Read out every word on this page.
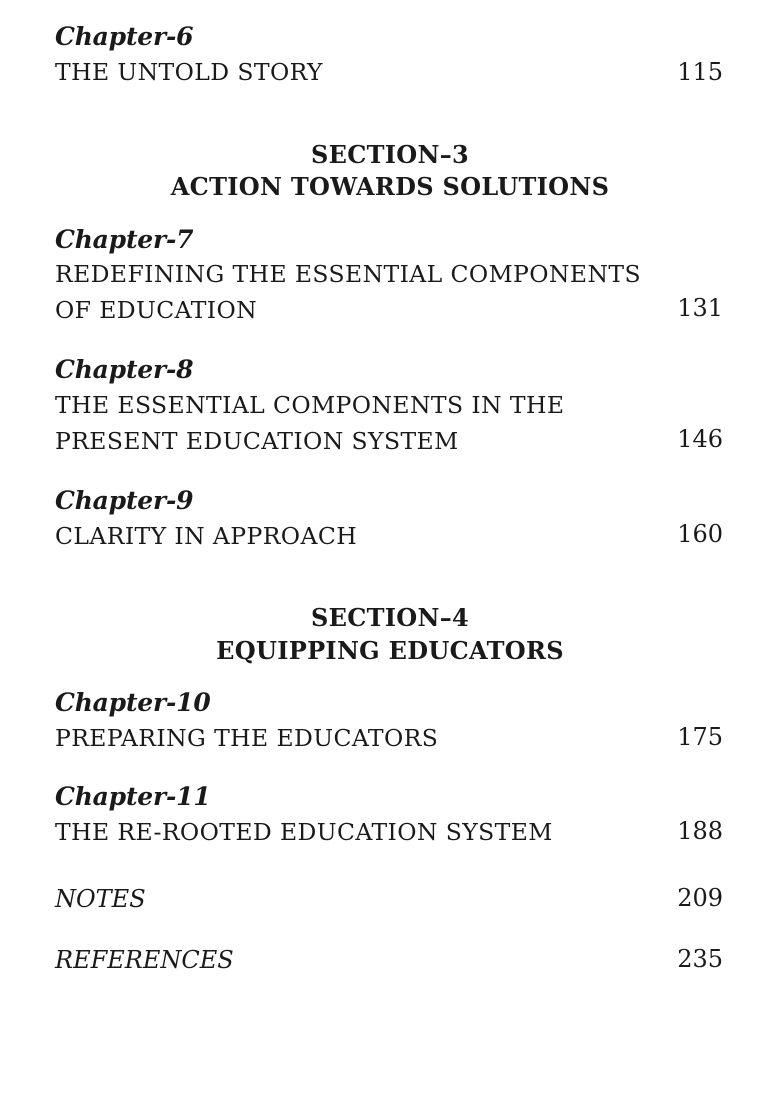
Chapter-6
THE UNTOLD STORY	115
SECTION–3
ACTION TOWARDS SOLUTIONS
Chapter-7
REDEFINING THE ESSENTIAL COMPONENTS
OF EDUCATION	131
Chapter-8
THE ESSENTIAL COMPONENTS IN THE
PRESENT EDUCATION SYSTEM	146
Chapter-9
CLARITY IN APPROACH	160
SECTION–4
EQUIPPING EDUCATORS
Chapter-10
PREPARING THE EDUCATORS	175
Chapter-11
THE RE-ROOTED EDUCATION SYSTEM	188
NOTES	209
REFERENCES	235
